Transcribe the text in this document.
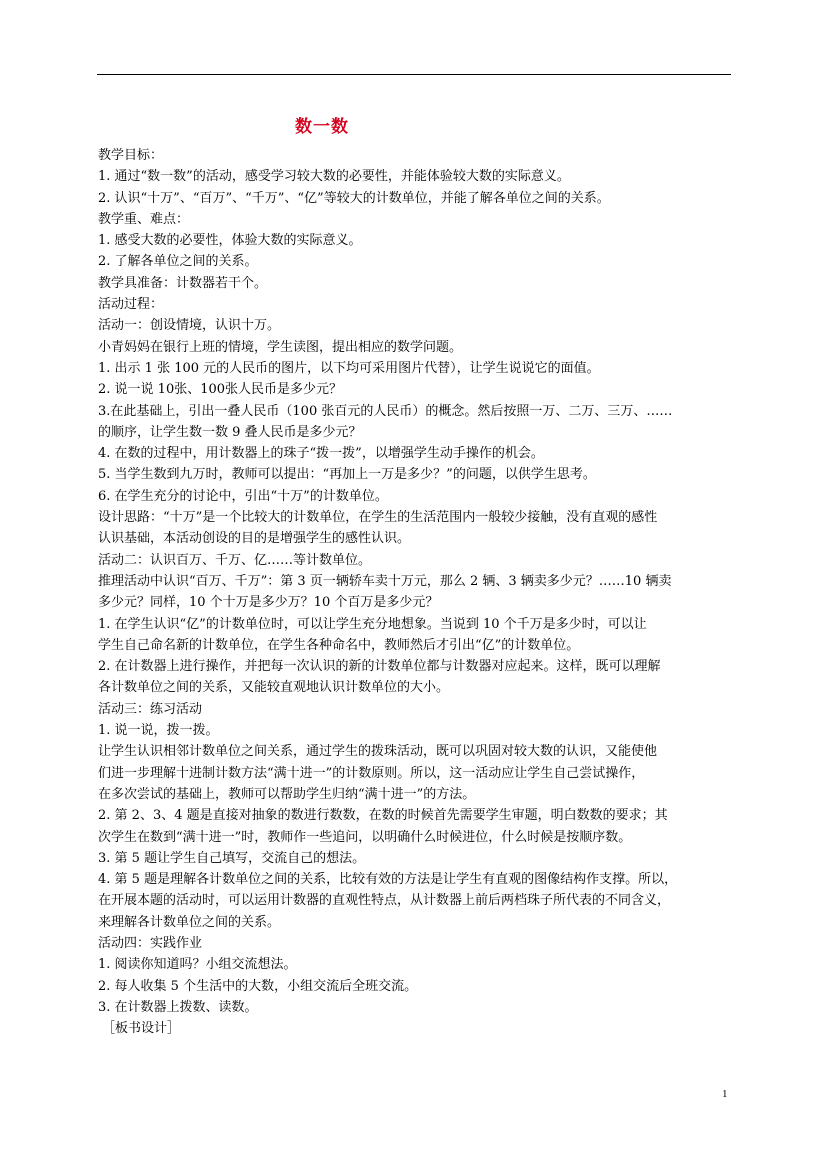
数一数

教学目标：

1. 通过“数一数”的活动，感受学习较大数的必要性，并能体验较大数的实际意义。

2. 认识“十万”、“百万”、“千万”、“亿”等较大的计数单位，并能了解各单位之间的关系。

教学重、难点：

1. 感受大数的必要性，体验大数的实际意义。

2. 了解各单位之间的关系。

教学具准备：计数器若干个。

活动过程：

活动一：创设情境，认识十万。

小青妈妈在银行上班的情境，学生读图，提出相应的数学问题。

1. 出示 1 张 100 元的人民币的图片，以下均可采用图片代替），让学生说说它的面值。

2. 说一说 10张、100张人民币是多少元？

3.在此基础上，引出一叠人民币（100 张百元的人民币）的概念。然后按照一万、二万、三万、……

的顺序，让学生数一数 9 叠人民币是多少元？

4. 在数的过程中，用计数器上的珠子“拨一拨”，以增强学生动手操作的机会。

5. 当学生数到九万时，教师可以提出：“再加上一万是多少？”的问题，以供学生思考。

6. 在学生充分的讨论中，引出“十万”的计数单位。

设计思路：“十万”是一个比较大的计数单位，在学生的生活范围内一般较少接触，没有直观的感性

认识基础，本活动创设的目的是增强学生的感性认识。

活动二：认识百万、千万、亿……等计数单位。

推理活动中认识“百万、千万”：第 3 页一辆轿车卖十万元，那么 2 辆、3 辆卖多少元？……10 辆卖

多少元？同样，10 个十万是多少万？10 个百万是多少元？

1. 在学生认识“亿”的计数单位时，可以让学生充分地想象。当说到 10 个千万是多少时，可以让

学生自己命名新的计数单位，在学生各种命名中，教师然后才引出“亿”的计数单位。

2. 在计数器上进行操作，并把每一次认识的新的计数单位都与计数器对应起来。这样，既可以理解

各计数单位之间的关系，又能较直观地认识计数单位的大小。

活动三：练习活动

1. 说一说，拨一拨。

让学生认识相邻计数单位之间关系，通过学生的拨珠活动，既可以巩固对较大数的认识，又能使他

们进一步理解十进制计数方法“满十进一”的计数原则。所以，这一活动应让学生自己尝试操作，

在多次尝试的基础上，教师可以帮助学生归纳“满十进一”的方法。

2. 第 2、3、4 题是直接对抽象的数进行数数，在数的时候首先需要学生审题，明白数数的要求；其

次学生在数到“满十进一”时，教师作一些追问，以明确什么时候进位，什么时候是按顺序数。

3. 第 5 题让学生自己填写，交流自己的想法。

4. 第 5 题是理解各计数单位之间的关系，比较有效的方法是让学生有直观的图像结构作支撑。所以，

在开展本题的活动时，可以运用计数器的直观性特点，从计数器上前后两档珠子所代表的不同含义，

来理解各计数单位之间的关系。

活动四：实践作业

1. 阅读你知道吗？小组交流想法。

2. 每人收集 5 个生活中的大数，小组交流后全班交流。

3. 在计数器上拨数、读数。

［板书设计］

1
